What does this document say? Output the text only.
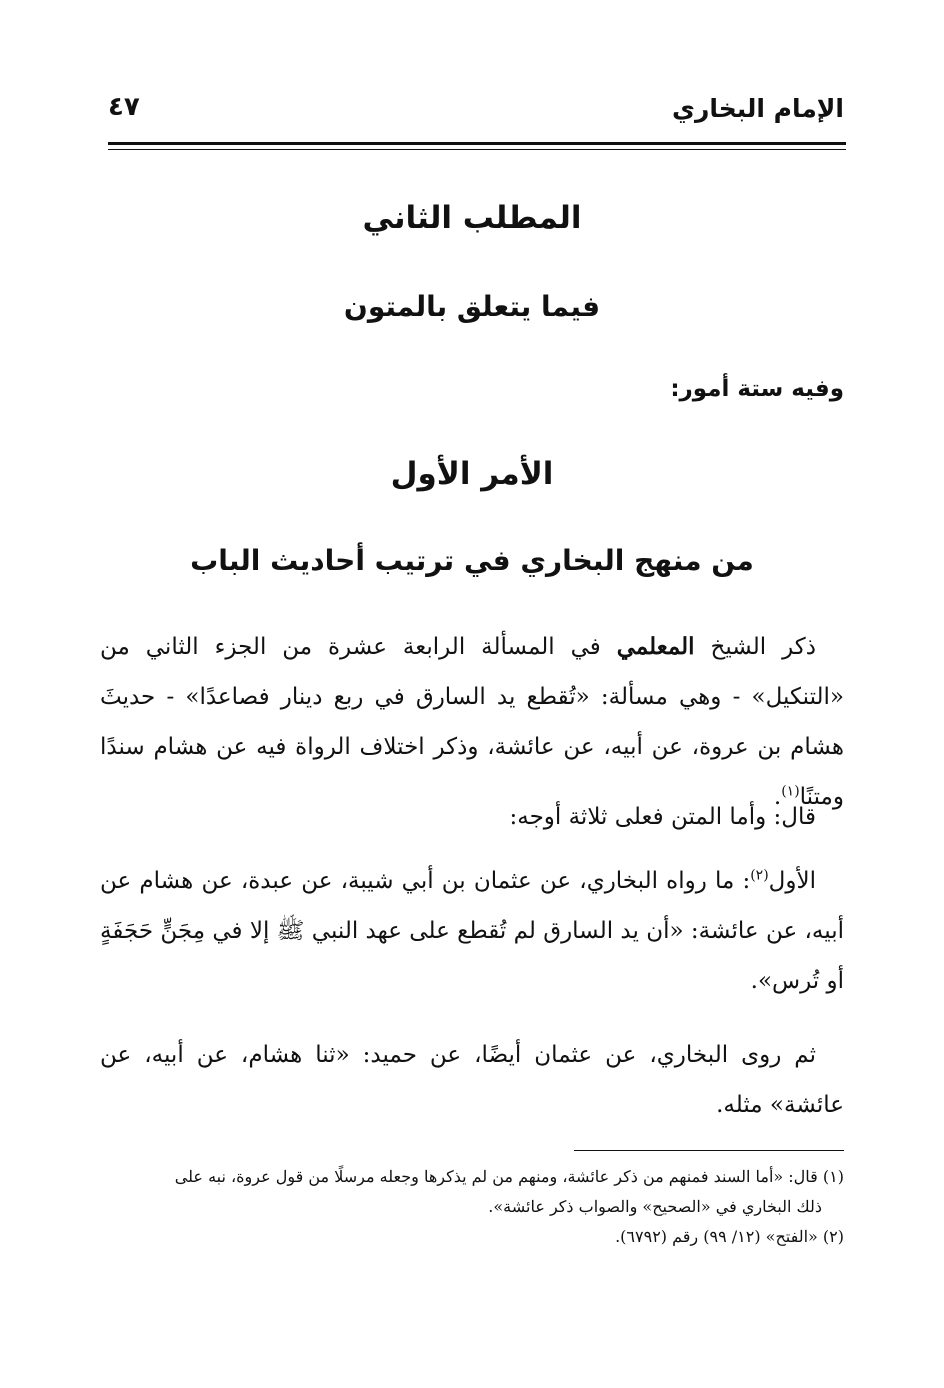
الإمام البخاري
٤٧
المطلب الثاني
فيما يتعلق بالمتون
وفيه ستة أمور:
الأمر الأول
من منهج البخاري في ترتيب أحاديث الباب
ذكر الشيخ المعلمي في المسألة الرابعة عشرة من الجزء الثاني من «التنكيل» - وهي مسألة: «تُقطع يد السارق في ربع دينار فصاعدًا» - حديثَ هشام بن عروة، عن أبيه، عن عائشة، وذكر اختلاف الرواة فيه عن هشام سندًا ومتنًا$^{(١)}$.
قال: وأما المتن فعلى ثلاثة أوجه:
الأول$^{(٢)}$: ما رواه البخاري، عن عثمان بن أبي شيبة، عن عبدة، عن هشام عن أبيه، عن عائشة: «أن يد السارق لم تُقطع على عهد النبي ﷺ إلا في مِجَنٍّ حَجَفَةٍ أو تُرس».
ثم روى البخاري، عن عثمان أيضًا، عن حميد: «ثنا هشام، عن أبيه، عن عائشة» مثله.

(١) قال: «أما السند فمنهم من ذكر عائشة، ومنهم من لم يذكرها وجعله مرسلًا من قول عروة، نبه على

ذلك البخاري في «الصحيح» والصواب ذكر عائشة».

(٢) «الفتح» (١٢/ ٩٩) رقم (٦٧٩٢).
